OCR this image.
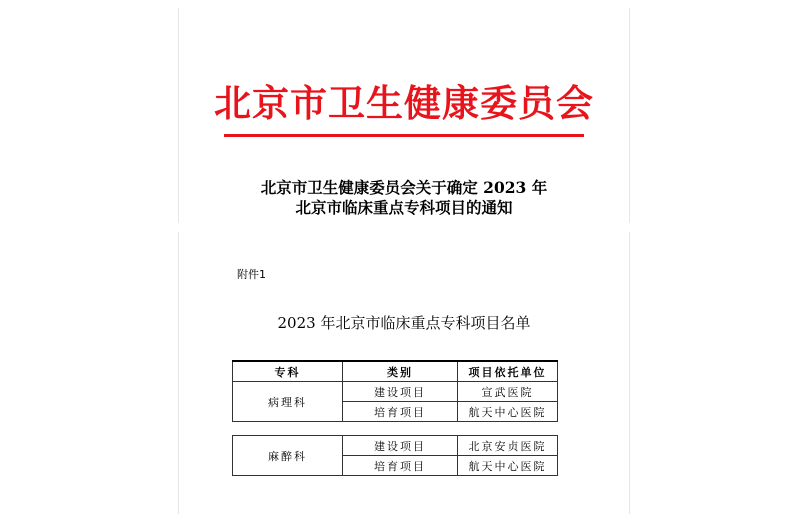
北京市卫生健康委员会
北京市卫生健康委员会关于确定 2023 年
北京市临床重点专科项目的通知
附件1
2023 年北京市临床重点专科项目名单
专科	类别	项目依托单位
病理科	建设项目	宣武医院
	培育项目	航天中心医院
麻醉科	建设项目	北京安贞医院
	培育项目	航天中心医院
